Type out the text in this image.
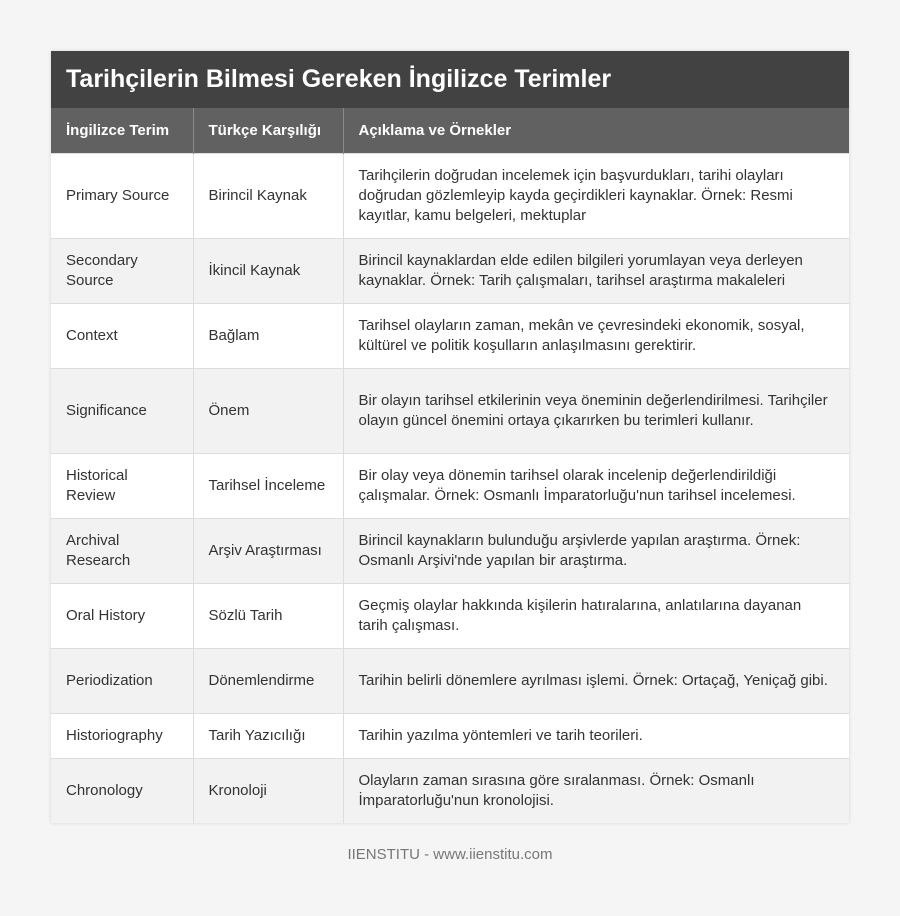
Tarihçilerin Bilmesi Gereken İngilizce Terimler
İngilizce Terim	Türkçe Karşılığı	Açıklama ve Örnekler
Primary Source	Birincil Kaynak	Tarihçilerin doğrudan incelemek için başvurdukları, tarihi olayları doğrudan gözlemleyip kayda geçirdikleri kaynaklar. Örnek: Resmi kayıtlar, kamu belgeleri, mektuplar
Secondary Source	İkincil Kaynak	Birincil kaynaklardan elde edilen bilgileri yorumlayan veya derleyen kaynaklar. Örnek: Tarih çalışmaları, tarihsel araştırma makaleleri
Context	Bağlam	Tarihsel olayların zaman, mekân ve çevresindeki ekonomik, sosyal, kültürel ve politik koşulların anlaşılmasını gerektirir.
Significance	Önem	Bir olayın tarihsel etkilerinin veya öneminin değerlendirilmesi. Tarihçiler olayın güncel önemini ortaya çıkarırken bu terimleri kullanır.
Historical Review	Tarihsel İnceleme	Bir olay veya dönemin tarihsel olarak incelenip değerlendirildiği çalışmalar. Örnek: Osmanlı İmparatorluğu'nun tarihsel incelemesi.
Archival Research	Arşiv Araştırması	Birincil kaynakların bulunduğu arşivlerde yapılan araştırma. Örnek: Osmanlı Arşivi'nde yapılan bir araştırma.
Oral History	Sözlü Tarih	Geçmiş olaylar hakkında kişilerin hatıralarına, anlatılarına dayanan tarih çalışması.
Periodization	Dönemlendirme	Tarihin belirli dönemlere ayrılması işlemi. Örnek: Ortaçağ, Yeniçağ gibi.
Historiography	Tarih Yazıcılığı	Tarihin yazılma yöntemleri ve tarih teorileri.
Chronology	Kronoloji	Olayların zaman sırasına göre sıralanması. Örnek: Osmanlı İmparatorluğu'nun kronolojisi.
IIENSTITU - www.iienstitu.com
